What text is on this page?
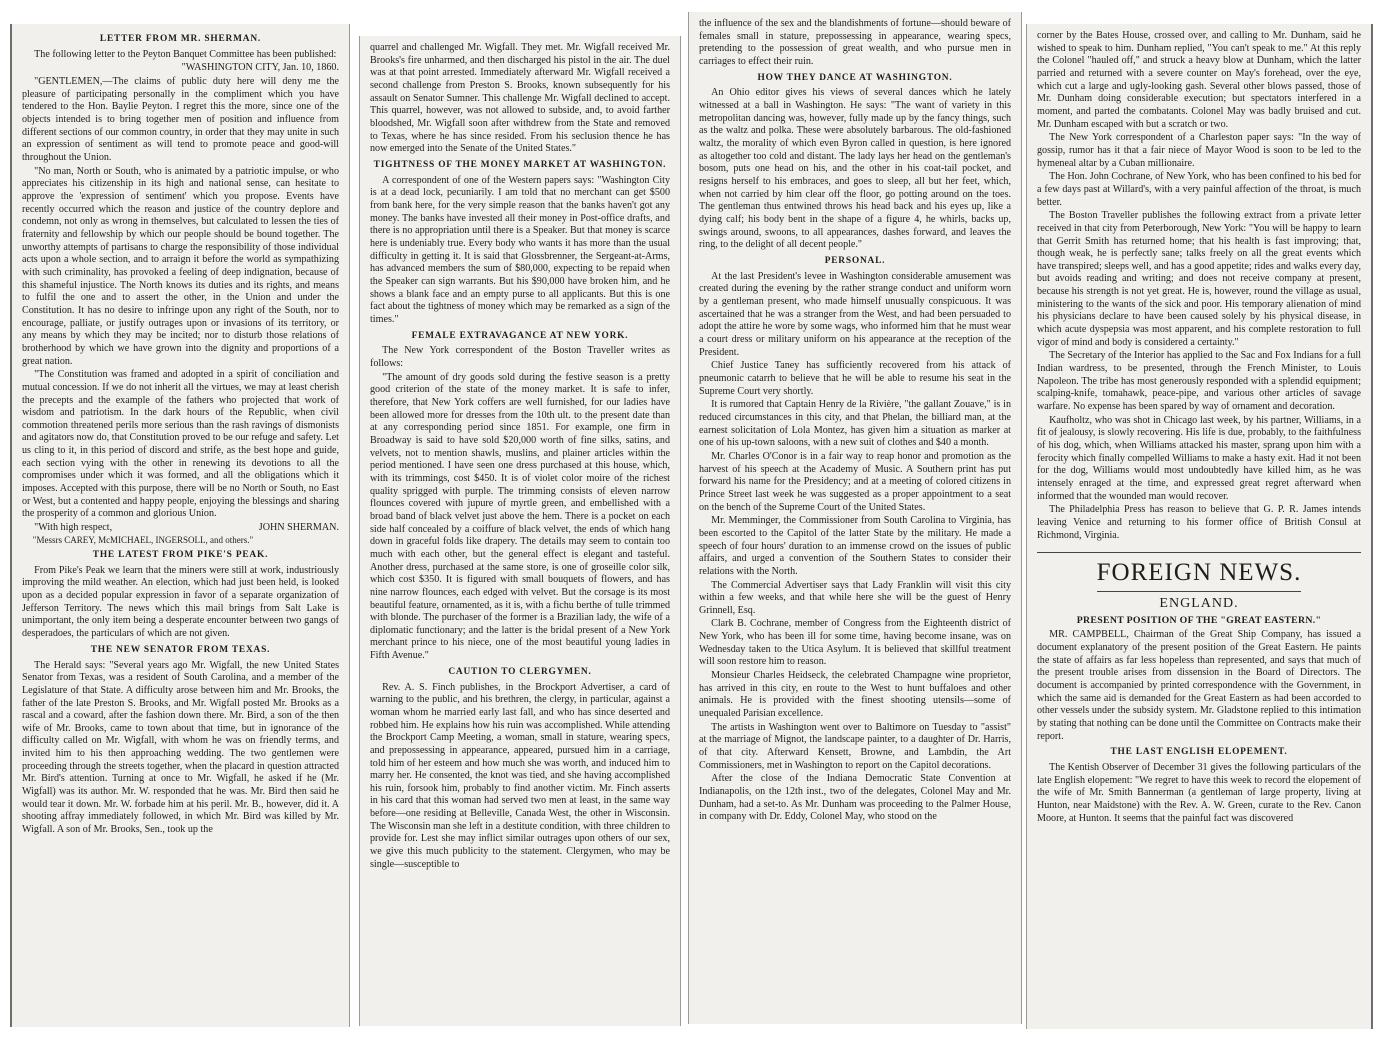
LETTER FROM MR. SHERMAN.

The following letter to the Peyton Banquet Committee has been published:

"WASHINGTON CITY, Jan. 10, 1860.

"GENTLEMEN,—The claims of public duty here will deny me the pleasure of participating personally in the compliment which you have tendered to the Hon. Baylie Peyton. I regret this the more, since one of the objects intended is to bring together men of position and influence from different sections of our common country, in order that they may unite in such an expression of sentiment as will tend to promote peace and good-will throughout the Union.

"No man, North or South, who is animated by a patriotic impulse, or who appreciates his citizenship in its high and national sense, can hesitate to approve the 'expression of sentiment' which you propose. Events have recently occurred which the reason and justice of the country deplore and condemn, not only as wrong in themselves, but calculated to lessen the ties of fraternity and fellowship by which our people should be bound together. The unworthy attempts of partisans to charge the responsibility of those individual acts upon a whole section, and to arraign it before the world as sympathizing with such criminality, has provoked a feeling of deep indignation, because of this shameful injustice. The North knows its duties and its rights, and means to fulfil the one and to assert the other, in the Union and under the Constitution. It has no desire to infringe upon any right of the South, nor to encourage, palliate, or justify outrages upon or invasions of its territory, or any means by which they may be incited; nor to disturb those relations of brotherhood by which we have grown into the dignity and proportions of a great nation.

"The Constitution was framed and adopted in a spirit of conciliation and mutual concession. If we do not inherit all the virtues, we may at least cherish the precepts and the example of the fathers who projected that work of wisdom and patriotism. In the dark hours of the Republic, when civil commotion threatened perils more serious than the rash ravings of dismonists and agitators now do, that Constitution proved to be our refuge and safety. Let us cling to it, in this period of discord and strife, as the best hope and guide, each section vying with the other in renewing its devotions to all the compromises under which it was formed, and all the obligations which it imposes. Accepted with this purpose, there will be no North or South, no East or West, but a contented and happy people, enjoying the blessings and sharing the prosperity of a common and glorious Union.

"With high respect,	JOHN SHERMAN.

"Messrs CAREY, McMICHAEL, INGERSOLL, and others."

THE LATEST FROM PIKE'S PEAK.

From Pike's Peak we learn that the miners were still at work, industriously improving the mild weather. An election, which had just been held, is looked upon as a decided popular expression in favor of a separate organization of Jefferson Territory. The news which this mail brings from Salt Lake is unimportant, the only item being a desperate encounter between two gangs of desperadoes, the particulars of which are not given.

THE NEW SENATOR FROM TEXAS.

The Herald says: "Several years ago Mr. Wigfall, the new United States Senator from Texas, was a resident of South Carolina, and a member of the Legislature of that State. A difficulty arose between him and Mr. Brooks, the father of the late Preston S. Brooks, and Mr. Wigfall posted Mr. Brooks as a rascal and a coward, after the fashion down there. Mr. Bird, a son of the then wife of Mr. Brooks, came to town about that time, but in ignorance of the difficulty called on Mr. Wigfall, with whom he was on friendly terms, and invited him to his then approaching wedding. The two gentlemen were proceeding through the streets together, when the placard in question attracted Mr. Bird's attention. Turning at once to Mr. Wigfall, he asked if he (Mr. Wigfall) was its author. Mr. W. responded that he was. Mr. Bird then said he would tear it down. Mr. W. forbade him at his peril. Mr. B., however, did it. A shooting affray immediately followed, in which Mr. Bird was killed by Mr. Wigfall. A son of Mr. Brooks, Sen., took up the

quarrel and challenged Mr. Wigfall. They met. Mr. Wigfall received Mr. Brooks's fire unharmed, and then discharged his pistol in the air. The duel was at that point arrested. Immediately afterward Mr. Wigfall received a second challenge from Preston S. Brooks, known subsequently for his assault on Senator Sumner. This challenge Mr. Wigfall declined to accept. This quarrel, however, was not allowed to subside, and, to avoid farther bloodshed, Mr. Wigfall soon after withdrew from the State and removed to Texas, where he has since resided. From his seclusion thence he has now emerged into the Senate of the United States."

TIGHTNESS OF THE MONEY MARKET AT WASHINGTON.

A correspondent of one of the Western papers says: "Washington City is at a dead lock, pecuniarily. I am told that no merchant can get $500 from bank here, for the very simple reason that the banks haven't got any money. The banks have invested all their money in Post-office drafts, and there is no appropriation until there is a Speaker. But that money is scarce here is undeniably true. Every body who wants it has more than the usual difficulty in getting it. It is said that Glossbrenner, the Sergeant-at-Arms, has advanced members the sum of $80,000, expecting to be repaid when the Speaker can sign warrants. But his $90,000 have broken him, and he shows a blank face and an empty purse to all applicants. But this is one fact about the tightness of money which may be remarked as a sign of the times."

FEMALE EXTRAVAGANCE AT NEW YORK.

The New York correspondent of the Boston Traveller writes as follows:

"The amount of dry goods sold during the festive season is a pretty good criterion of the state of the money market. It is safe to infer, therefore, that New York coffers are well furnished, for our ladies have been allowed more for dresses from the 10th ult. to the present date than at any corresponding period since 1851. For example, one firm in Broadway is said to have sold $20,000 worth of fine silks, satins, and velvets, not to mention shawls, muslins, and plainer articles within the period mentioned. I have seen one dress purchased at this house, which, with its trimmings, cost $450. It is of violet color moire of the richest quality sprigged with purple. The trimming consists of eleven narrow flounces covered with jupure of myrtle green, and embellished with a broad band of black velvet just above the hem. There is a pocket on each side half concealed by a coiffure of black velvet, the ends of which hang down in graceful folds like drapery. The details may seem to contain too much with each other, but the general effect is elegant and tasteful. Another dress, purchased at the same store, is one of groseille color silk, which cost $350. It is figured with small bouquets of flowers, and has nine narrow flounces, each edged with velvet. But the corsage is its most beautiful feature, ornamented, as it is, with a fichu berthe of tulle trimmed with blonde. The purchaser of the former is a Brazilian lady, the wife of a diplomatic functionary; and the latter is the bridal present of a New York merchant prince to his niece, one of the most beautiful young ladies in Fifth Avenue."

CAUTION TO CLERGYMEN.

Rev. A. S. Finch publishes, in the Brockport Advertiser, a card of warning to the public, and his brethren, the clergy, in particular, against a woman whom he married early last fall, and who has since deserted and robbed him. He explains how his ruin was accomplished. While attending the Brockport Camp Meeting, a woman, small in stature, wearing specs, and prepossessing in appearance, appeared, pursued him in a carriage, told him of her esteem and how much she was worth, and induced him to marry her. He consented, the knot was tied, and she having accomplished his ruin, forsook him, probably to find another victim. Mr. Finch asserts in his card that this woman had served two men at least, in the same way before—one residing at Belleville, Canada West, the other in Wisconsin. The Wisconsin man she left in a destitute condition, with three children to provide for. Lest she may inflict similar outrages upon others of our sex, we give this much publicity to the statement. Clergymen, who may be single—susceptible to

the influence of the sex and the blandishments of fortune—should beware of females small in stature, prepossessing in appearance, wearing specs, pretending to the possession of great wealth, and who pursue men in carriages to effect their ruin.

HOW THEY DANCE AT WASHINGTON.

An Ohio editor gives his views of several dances which he lately witnessed at a ball in Washington. He says: "The want of variety in this metropolitan dancing was, however, fully made up by the fancy things, such as the waltz and polka. These were absolutely barbarous. The old-fashioned waltz, the morality of which even Byron called in question, is here ignored as altogether too cold and distant. The lady lays her head on the gentleman's bosom, puts one head on his, and the other in his coat-tail pocket, and resigns herself to his embraces, and goes to sleep, all but her feet, which, when not carried by him clear off the floor, go potting around on the toes. The gentleman thus entwined throws his head back and his eyes up, like a dying calf; his body bent in the shape of a figure 4, he whirls, backs up, swings around, swoons, to all appearances, dashes forward, and leaves the ring, to the delight of all decent people."

PERSONAL.

At the last President's levee in Washington considerable amusement was created during the evening by the rather strange conduct and uniform worn by a gentleman present, who made himself unusually conspicuous. It was ascertained that he was a stranger from the West, and had been persuaded to adopt the attire he wore by some wags, who informed him that he must wear a court dress or military uniform on his appearance at the reception of the President.

Chief Justice Taney has sufficiently recovered from his attack of pneumonic catarrh to believe that he will be able to resume his seat in the Supreme Court very shortly.

It is rumored that Captain Henry de la Rivière, "the gallant Zouave," is in reduced circumstances in this city, and that Phelan, the billiard man, at the earnest solicitation of Lola Montez, has given him a situation as marker at one of his up-town saloons, with a new suit of clothes and $40 a month.

Mr. Charles O'Conor is in a fair way to reap honor and promotion as the harvest of his speech at the Academy of Music. A Southern print has put forward his name for the Presidency; and at a meeting of colored citizens in Prince Street last week he was suggested as a proper appointment to a seat on the bench of the Supreme Court of the United States.

Mr. Memminger, the Commissioner from South Carolina to Virginia, has been escorted to the Capitol of the latter State by the military. He made a speech of four hours' duration to an immense crowd on the issues of public affairs, and urged a convention of the Southern States to consider their relations with the North.

The Commercial Advertiser says that Lady Franklin will visit this city within a few weeks, and that while here she will be the guest of Henry Grinnell, Esq.

Clark B. Cochrane, member of Congress from the Eighteenth district of New York, who has been ill for some time, having become insane, was on Wednesday taken to the Utica Asylum. It is believed that skillful treatment will soon restore him to reason.

Monsieur Charles Heidseck, the celebrated Champagne wine proprietor, has arrived in this city, en route to the West to hunt buffaloes and other animals. He is provided with the finest shooting utensils—some of unequaled Parisian excellence.

The artists in Washington went over to Baltimore on Tuesday to "assist" at the marriage of Mignot, the landscape painter, to a daughter of Dr. Harris, of that city. Afterward Kensett, Browne, and Lambdin, the Art Commissioners, met in Washington to report on the Capitol decorations.

After the close of the Indiana Democratic State Convention at Indianapolis, on the 12th inst., two of the delegates, Colonel May and Mr. Dunham, had a set-to. As Mr. Dunham was proceeding to the Palmer House, in company with Dr. Eddy, Colonel May, who stood on the

corner by the Bates House, crossed over, and calling to Mr. Dunham, said he wished to speak to him. Dunham replied, "You can't speak to me." At this reply the Colonel "hauled off," and struck a heavy blow at Dunham, which the latter parried and returned with a severe counter on May's forehead, over the eye, which cut a large and ugly-looking gash. Several other blows passed, those of Mr. Dunham doing considerable execution; but spectators interfered in a moment, and parted the combatants. Colonel May was badly bruised and cut. Mr. Dunham escaped with but a scratch or two.

The New York correspondent of a Charleston paper says: "In the way of gossip, rumor has it that a fair niece of Mayor Wood is soon to be led to the hymeneal altar by a Cuban millionaire.

The Hon. John Cochrane, of New York, who has been confined to his bed for a few days past at Willard's, with a very painful affection of the throat, is much better.

The Boston Traveller publishes the following extract from a private letter received in that city from Peterborough, New York: "You will be happy to learn that Gerrit Smith has returned home; that his health is fast improving; that, though weak, he is perfectly sane; talks freely on all the great events which have transpired; sleeps well, and has a good appetite; rides and walks every day, but avoids reading and writing; and does not receive company at present, because his strength is not yet great. He is, however, round the village as usual, ministering to the wants of the sick and poor. His temporary alienation of mind his physicians declare to have been caused solely by his physical disease, in which acute dyspepsia was most apparent, and his complete restoration to full vigor of mind and body is considered a certainty."

The Secretary of the Interior has applied to the Sac and Fox Indians for a full Indian wardress, to be presented, through the French Minister, to Louis Napoleon. The tribe has most generously responded with a splendid equipment; scalping-knife, tomahawk, peace-pipe, and various other articles of savage warfare. No expense has been spared by way of ornament and decoration.

Kaufholtz, who was shot in Chicago last week, by his partner, Williams, in a fit of jealousy, is slowly recovering. His life is due, probably, to the faithfulness of his dog, which, when Williams attacked his master, sprang upon him with a ferocity which finally compelled Williams to make a hasty exit. Had it not been for the dog, Williams would most undoubtedly have killed him, as he was intensely enraged at the time, and expressed great regret afterward when informed that the wounded man would recover.

The Philadelphia Press has reason to believe that G. P. R. James intends leaving Venice and returning to his former office of British Consul at Richmond, Virginia.

FOREIGN NEWS.
ENGLAND.
PRESENT POSITION OF THE "GREAT EASTERN."

MR. CAMPBELL, Chairman of the Great Ship Company, has issued a document explanatory of the present position of the Great Eastern. He paints the state of affairs as far less hopeless than represented, and says that much of the present trouble arises from dissension in the Board of Directors. The document is accompanied by printed correspondence with the Government, in which the same aid is demanded for the Great Eastern as had been accorded to other vessels under the subsidy system. Mr. Gladstone replied to this intimation by stating that nothing can be done until the Committee on Contracts make their report.

THE LAST ENGLISH ELOPEMENT.

The Kentish Observer of December 31 gives the following particulars of the late English elopement: "We regret to have this week to record the elopement of the wife of Mr. Smith Bannerman (a gentleman of large property, living at Hunton, near Maidstone) with the Rev. A. W. Green, curate to the Rev. Canon Moore, at Hunton. It seems that the painful fact was discovered
